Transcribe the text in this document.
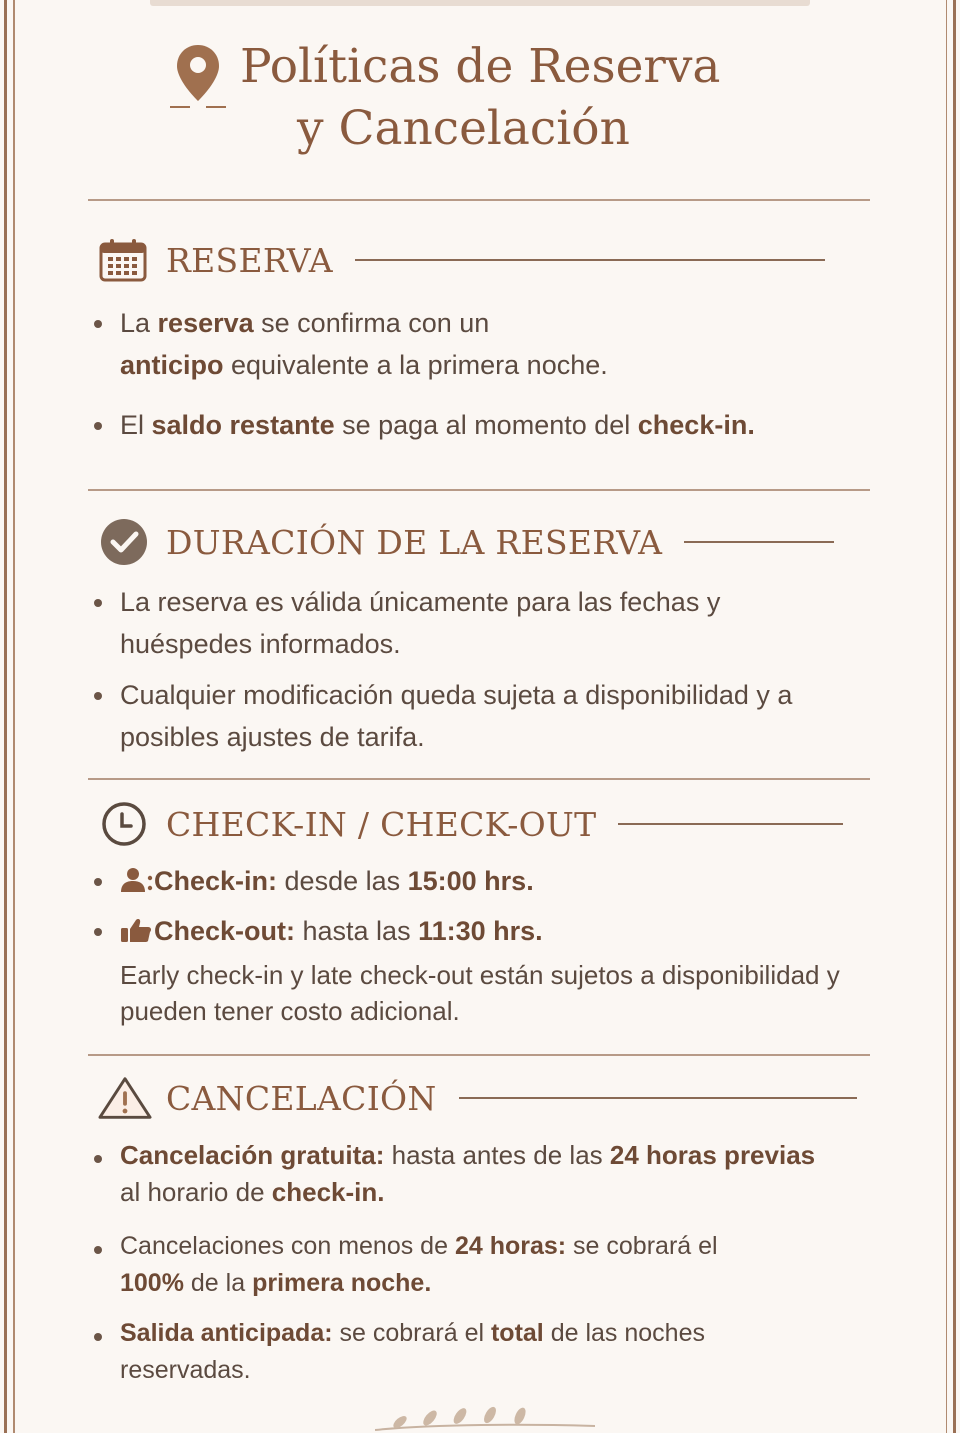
Políticas de Reserva
y Cancelación
RESERVA
La reserva se confirma con un
anticipo equivalente a la primera noche.
El saldo restante se paga al momento del check-in.
DURACIÓN DE LA RESERVA
La reserva es válida únicamente para las fechas y huéspedes informados.
Cualquier modificación queda sujeta a disponibilidad y a posibles ajustes de tarifa.
CHECK-IN / CHECK-OUT
Check-in: desde las 15:00 hrs.
Check-out: hasta las 11:30 hrs.
Early check-in y late check-out están sujetos a disponibilidad y pueden tener costo adicional.
CANCELACIÓN
Cancelación gratuita: hasta antes de las 24 horas previas
al horario de check-in.
Cancelaciones con menos de 24 horas: se cobrará el
100% de la primera noche.
Salida anticipada: se cobrará el total de las noches reservadas.
